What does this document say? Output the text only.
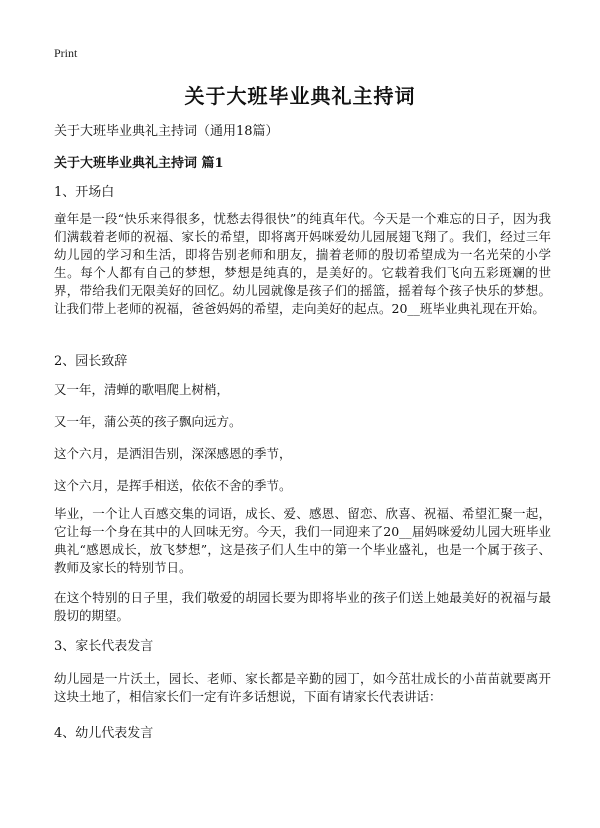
Print
关于大班毕业典礼主持词
关于大班毕业典礼主持词（通用18篇）
关于大班毕业典礼主持词 篇1
1、开场白

童年是一段“快乐来得很多，忧愁去得很快”的纯真年代。今天是一个难忘的日子，因为我们满载着老师的祝福、家长的希望，即将离开妈咪爱幼儿园展翅飞翔了。我们，经过三年幼儿园的学习和生活，即将告别老师和朋友，揣着老师的殷切希望成为一名光荣的小学生。每个人都有自己的梦想，梦想是纯真的，是美好的。它载着我们飞向五彩斑斓的世界，带给我们无限美好的回忆。幼儿园就像是孩子们的摇篮，摇着每个孩子快乐的梦想。让我们带上老师的祝福，爸爸妈妈的希望，走向美好的起点。20__班毕业典礼现在开始。

2、园长致辞
又一年，清蝉的歌唱爬上树梢，
又一年，蒲公英的孩子飘向远方。
这个六月，是洒泪告别，深深感恩的季节，
这个六月，是挥手相送，依依不舍的季节。

毕业，一个让人百感交集的词语，成长、爱、感恩、留恋、欣喜、祝福、希望汇聚一起，它让每一个身在其中的人回味无穷。今天，我们一同迎来了20__届妈咪爱幼儿园大班毕业典礼“感恩成长，放飞梦想”，这是孩子们人生中的第一个毕业盛礼，也是一个属于孩子、教师及家长的特别节日。

在这个特别的日子里，我们敬爱的胡园长要为即将毕业的孩子们送上她最美好的祝福与最殷切的期望。

3、家长代表发言

幼儿园是一片沃土，园长、老师、家长都是辛勤的园丁，如今茁壮成长的小苗苗就要离开这块土地了，相信家长们一定有许多话想说，下面有请家长代表讲话：

4、幼儿代表发言
